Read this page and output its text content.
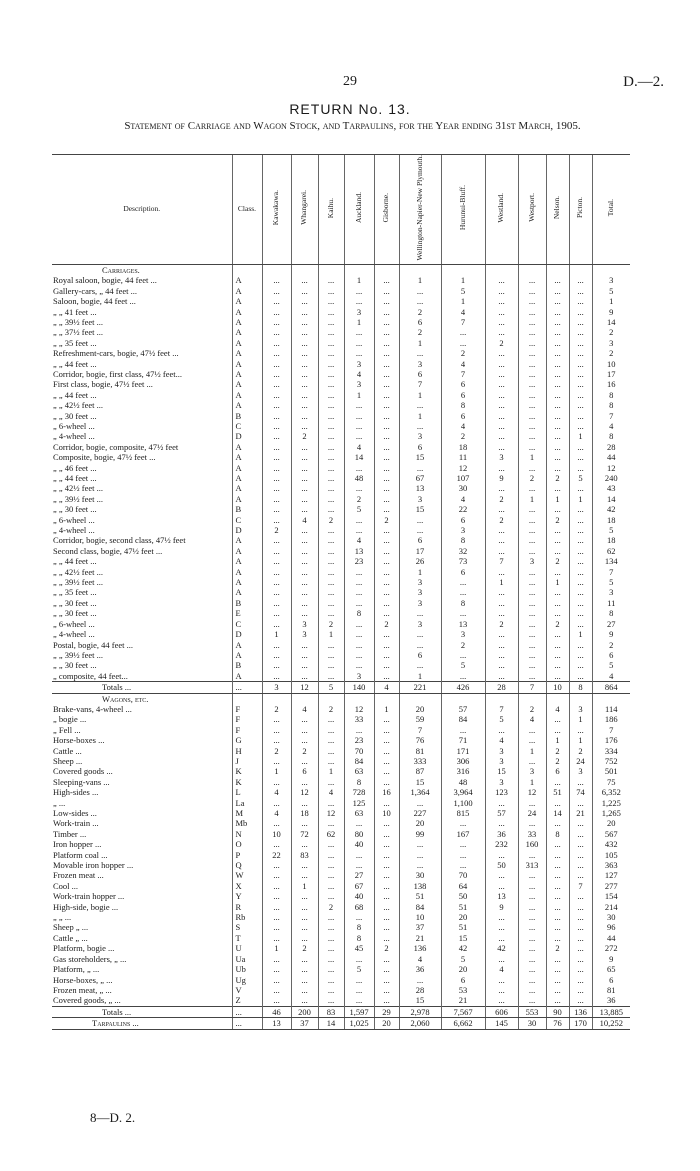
29	D.—2.
RETURN No. 13.
Statement of Carriage and Wagon Stock, and Tarpaulins, for the Year ending 31st March, 1905.
Description.	Class.	Kawakawa.	Whangarei.	Kaihu.	Auckland.	Gisborne.	Wellington-Napier-New Plymouth.	Hurunui-Bluff.	Westland.	Westport.	Nelson.	Picton.	Total.
Carriages.													
Royal saloon, bogie, 44 feet ...	A	...	...	...	1	...	1	1	...	...	...	...	3
Gallery-cars, „ 44 feet ...	A	...	...	...	...	...	...	5	...	...	...	...	5
Saloon, bogie, 44 feet ...	A	...	...	...	...	...	...	1	...	...	...	...	1
„ „ 41 feet ...	A	...	...	...	3	...	2	4	...	...	...	...	9
„ „ 39½ feet ...	A	...	...	...	1	...	6	7	...	...	...	...	14
„ „ 37½ feet ...	A	...	...	...	...	...	2	...	...	...	...	...	2
„ „ 35 feet ...	A	...	...	...	...	...	1	...	2	...	...	...	3
Refreshment-cars, bogie, 47½ feet ...	A	...	...	...	...	...	...	2	...	...	...	...	2
„ „ 44 feet ...	A	...	...	...	3	...	3	4	...	...	...	...	10
Corridor, bogie, first class, 47½ feet...	A	...	...	...	4	...	6	7	...	...	...	...	17
First class, bogie, 47½ feet ...	A	...	...	...	3	...	7	6	...	...	...	...	16
„ „ 44 feet ...	A	...	...	...	1	...	1	6	...	...	...	...	8
„ „ 42½ feet ...	A	...	...	...	...	...	...	8	...	...	...	...	8
„ „ 30 feet ...	B	...	...	...	...	...	1	6	...	...	...	...	7
„ 6-wheel ...	C	...	...	...	...	...	...	4	...	...	...	...	4
„ 4-wheel ...	D	...	2	...	...	...	3	2	...	...	...	1	8
Corridor, bogie, composite, 47½ feet	A	...	...	...	4	...	6	18	...	...	...	...	28
Composite, bogie, 47½ feet ...	A	...	...	...	14	...	15	11	3	1	...	...	44
„ „ 46 feet ...	A	...	...	...	...	...	...	12	...	...	...	...	12
„ „ 44 feet ...	A	...	...	...	48	...	67	107	9	2	2	5	240
„ „ 42½ feet ...	A	...	...	...	...	...	13	30	...	...	...	...	43
„ „ 39½ feet ...	A	...	...	...	2	...	3	4	2	1	1	1	14
„ „ 30 feet ...	B	...	...	...	5	...	15	22	...	...	...	...	42
„ 6-wheel ...	C	...	4	2	...	2	...	6	2	...	2	...	18
„ 4-wheel ...	D	2	...	...	...	...	...	3	...	...	...	...	5
Corridor, bogie, second class, 47½ feet	A	...	...	...	4	...	6	8	...	...	...	...	18
Second class, bogie, 47½ feet ...	A	...	...	...	13	...	17	32	...	...	...	...	62
„ „ 44 feet ...	A	...	...	...	23	...	26	73	7	3	2	...	134
„ „ 42½ feet ...	A	...	...	...	...	...	1	6	...	...	...	...	7
„ „ 39½ feet ...	A	...	...	...	...	...	3	...	1	...	1	...	5
„ „ 35 feet ...	A	...	...	...	...	...	3	...	...	...	...	...	3
„ „ 30 feet ...	B	...	...	...	...	...	3	8	...	...	...	...	11
„ „ 30 feet ...	E	...	...	...	8	...	...	...	...	...	...	...	8
„ 6-wheel ...	C	...	3	2	...	2	3	13	2	...	2	...	27
„ 4-wheel ...	D	1	3	1	...	...	...	3	...	...	...	1	9
Postal, bogie, 44 feet ...	A	...	...	...	...	...	...	2	...	...	...	...	2
„ „ 39½ feet ...	A	...	...	...	...	...	6	...	...	...	...	...	6
„ „ 30 feet ...	B	...	...	...	...	...	...	5	...	...	...	...	5
„ composite, 44 feet...	A	...	...	...	3	...	1	...	...	...	...	...	4
Totals ...	...	3	12	5	140	4	221	426	28	7	10	8	864
Wagons, etc.													
Brake-vans, 4-wheel ...	F	2	4	2	12	1	20	57	7	2	4	3	114
„ bogie ...	F	...	...	...	33	...	59	84	5	4	...	1	186
„ Fell ...	F	...	...	...	...	...	7	...	...	...	...	...	7
Horse-boxes ...	G	...	...	...	23	...	76	71	4	...	1	1	176
Cattle ...	H	2	2	...	70	...	81	171	3	1	2	2	334
Sheep ...	J	...	...	...	84	...	333	306	3	...	2	24	752
Covered goods ...	K	1	6	1	63	...	87	316	15	3	6	3	501
Sleeping-vans ...	K	...	...	...	8	...	15	48	3	1	...	...	75
High-sides ...	L	4	12	4	728	16	1,364	3,964	123	12	51	74	6,352
„ ...	La	...	...	...	125	...	...	1,100	...	...	...	...	1,225
Low-sides ...	M	4	18	12	63	10	227	815	57	24	14	21	1,265
Work-train ...	Mb	...	...	...	...	...	20	...	...	...	...	...	20
Timber ...	N	10	72	62	80	...	99	167	36	33	8	...	567
Iron hopper ...	O	...	...	...	40	...	...	...	232	160	...	...	432
Platform coal ...	P	22	83	...	...	...	...	...	...	...	...	...	105
Movable iron hopper ...	Q	...	...	...	...	...	...	...	50	313	...	...	363
Frozen meat ...	W	...	...	...	27	...	30	70	...	...	...	...	127
Cool ...	X	...	1	...	67	...	138	64	...	...	...	7	277
Work-train hopper ...	Y	...	...	...	40	...	51	50	13	...	...	...	154
High-side, bogie ...	R	...	...	2	68	...	84	51	9	...	...	...	214
„ „ ...	Rb	...	...	...	...	...	10	20	...	...	...	...	30
Sheep „ ...	S	...	...	...	8	...	37	51	...	...	...	...	96
Cattle „ ...	T	...	...	...	8	...	21	15	...	...	...	...	44
Platform, bogie ...	U	1	2	...	45	2	136	42	42	...	2	...	272
Gas storeholders, „ ...	Ua	...	...	...	...	...	4	5	...	...	...	...	9
Platform, „ ...	Ub	...	...	...	5	...	36	20	4	...	...	...	65
Horse-boxes, „ ...	Ug	...	...	...	...	...	...	6	...	...	...	...	6
Frozen meat, „ ...	V	...	...	...	...	...	28	53	...	...	...	...	81
Covered goods, „ ...	Z	...	...	...	...	...	15	21	...	...	...	...	36
Totals ...	...	46	200	83	1,597	29	2,978	7,567	606	553	90	136	13,885
Tarpaulins ...	...	13	37	14	1,025	20	2,060	6,662	145	30	76	170	10,252
8—D. 2.
